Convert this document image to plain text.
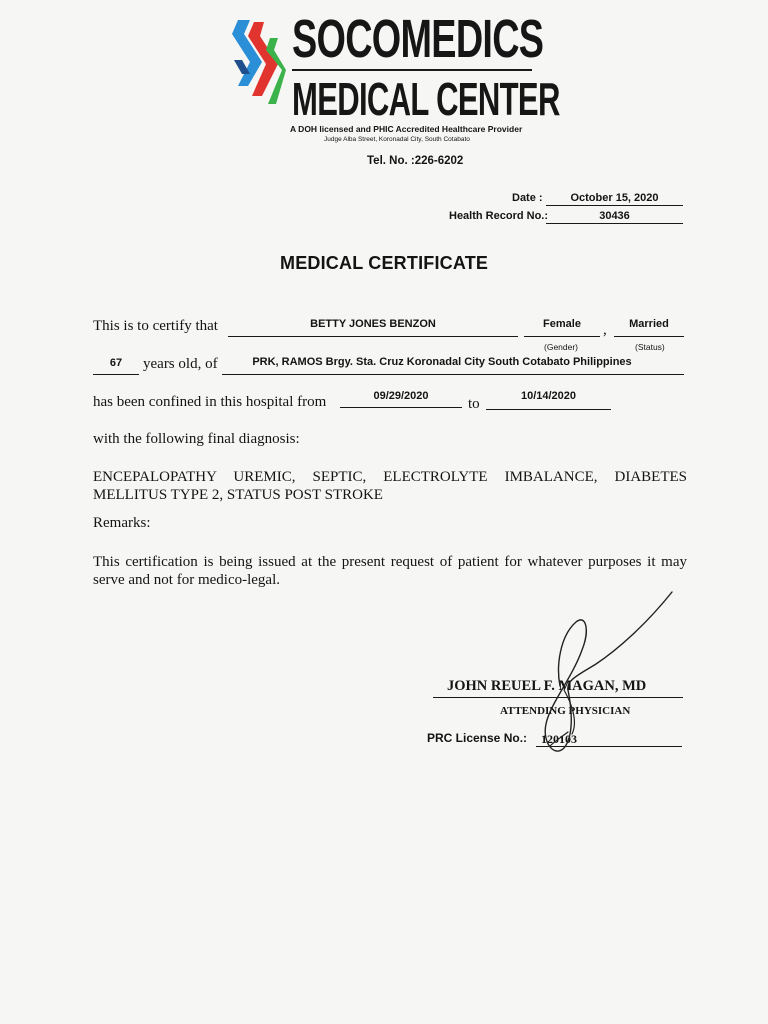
SOCOMEDICS
MEDICAL CENTER
A DOH licensed and PHIC Accredited Healthcare Provider
Judge Alba Street, Koronadal City, South Cotabato
Tel. No. :226-6202
Date :	October 15, 2020
Health Record No.:	30436
MEDICAL CERTIFICATE
This is to certify that	BETTY JONES BENZON	Female	,	Married
(Gender)	(Status)
67	years old, of	PRK, RAMOS Brgy. Sta. Cruz Koronadal City South Cotabato Philippines
has been confined in this hospital from	09/29/2020	to	10/14/2020
with the following final diagnosis:
ENCEPALOPATHY UREMIC, SEPTIC, ELECTROLYTE IMBALANCE, DIABETES
MELLITUS TYPE 2, STATUS POST STROKE
Remarks:
This certification is being issued at the present request of patient for whatever purposes it may
serve and not for medico-legal.
JOHN REUEL F. MAGAN, MD
ATTENDING PHYSICIAN
PRC License No.: 120103
